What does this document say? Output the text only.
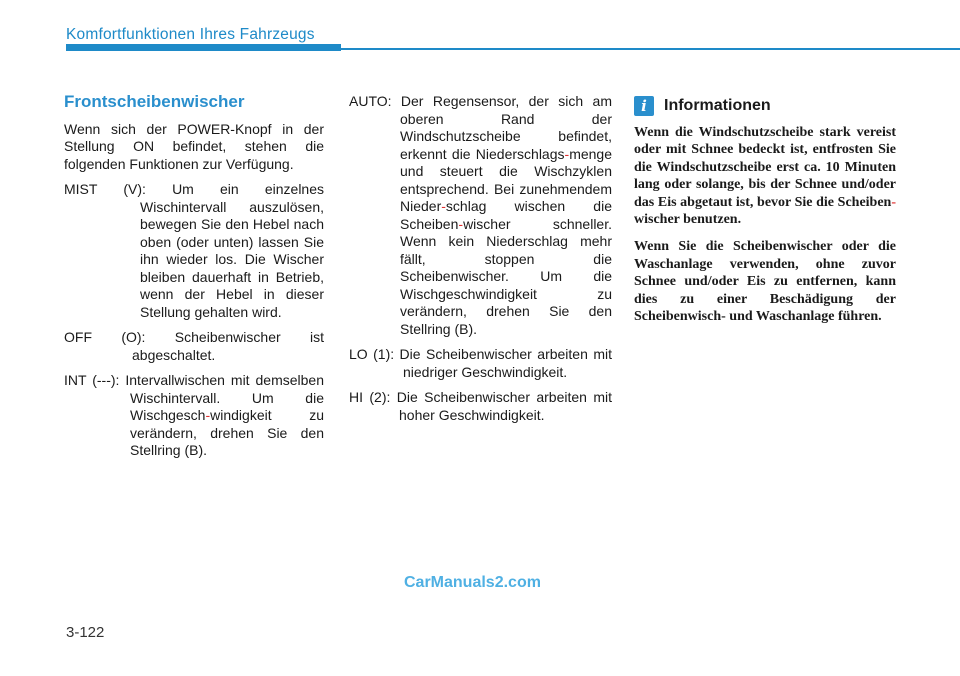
Komfortfunktionen Ihres Fahrzeugs
Frontscheibenwischer
Wenn sich der POWER-Knopf in der Stellung ON befindet, stehen die folgenden Funktionen zur Verfügung.
MIST (V): Um ein einzelnes Wischintervall auszulösen, bewegen Sie den Hebel nach oben (oder unten) lassen Sie ihn wieder los. Die Wischer bleiben dauerhaft in Betrieb, wenn der Hebel in dieser Stellung gehalten wird.
OFF (O): Scheibenwischer ist abgeschaltet.
INT (---): Intervallwischen mit demselben Wischintervall. Um die Wischgesch-windigkeit zu verändern, drehen Sie den Stellring (B).
AUTO: Der Regensensor, der sich am oberen Rand der Windschutzscheibe befindet, erkennt die Niederschlags-menge und steuert die Wischzyklen entsprechend. Bei zunehmendem Nieder-schlag wischen die Scheiben-wischer schneller. Wenn kein Niederschlag mehr fällt, stoppen die Scheibenwischer. Um die Wischgeschwindigkeit zu verändern, drehen Sie den Stellring (B).
LO (1): Die Scheibenwischer arbeiten mit niedriger Geschwindigkeit.
HI (2): Die Scheibenwischer arbeiten mit hoher Geschwindigkeit.
i	Informationen
Wenn die Windschutzscheibe stark vereist oder mit Schnee bedeckt ist, entfrosten Sie die Windschutzscheibe erst ca. 10 Minuten lang oder solange, bis der Schnee und/oder das Eis abgetaut ist, bevor Sie die Scheiben-wischer benutzen.
Wenn Sie die Scheibenwischer oder die Waschanlage verwenden, ohne zuvor Schnee und/oder Eis zu entfernen, kann dies zu einer Beschädigung der Scheibenwisch- und Waschanlage führen.
CarManuals2.com
3-122
